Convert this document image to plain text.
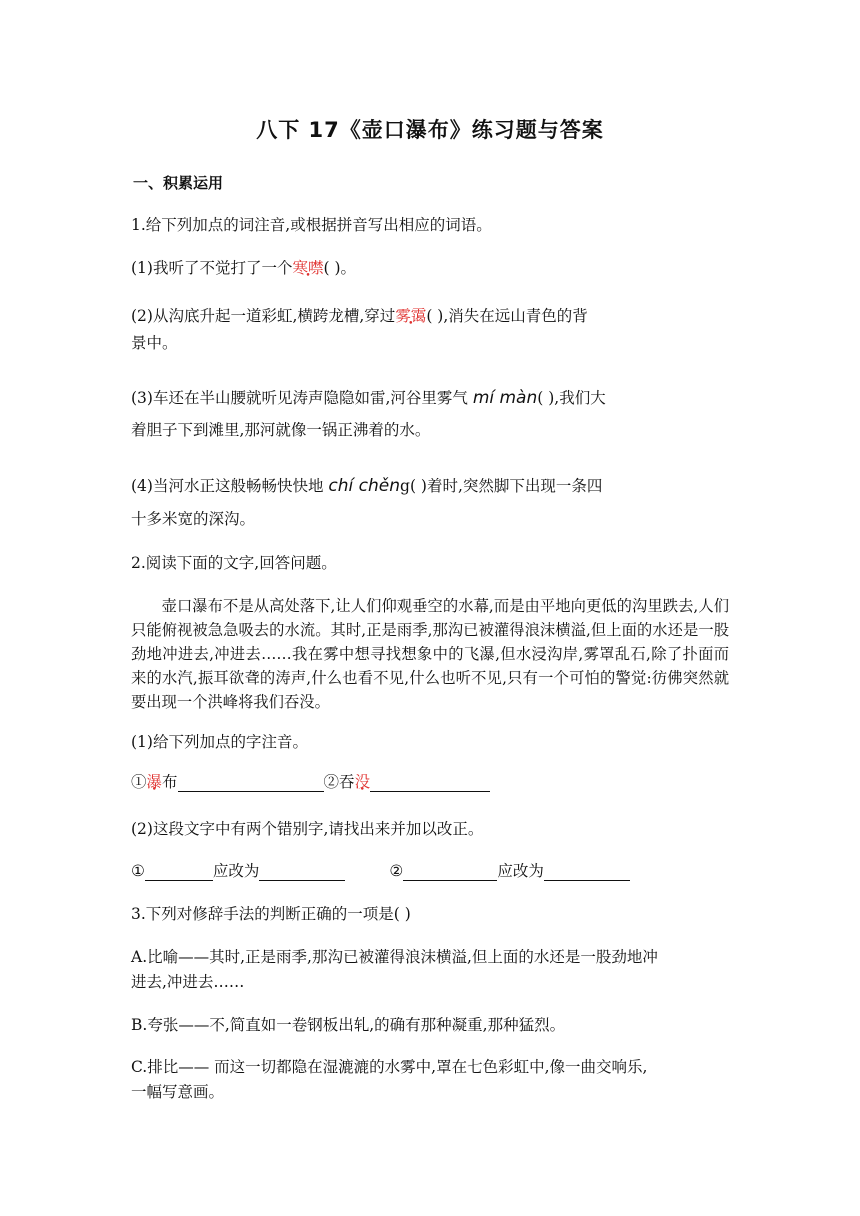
八下 17《壶口瀑布》练习题与答案
一、积累运用
1.给下列加点的词注音,或根据拼音写出相应的词语。
(1)我听了不觉打了一个寒噤( )。
(2)从沟底升起一道彩虹,横跨龙槽,穿过雾霭( ),消失在远山青色的背
景中。
(3)车还在半山腰就听见涛声隐隐如雷,河谷里雾气 mí màn( ),我们大
着胆子下到滩里,那河就像一锅正沸着的水。
(4)当河水正这般畅畅快快地 chí chěng( )着时,突然脚下出现一条四
十多米宽的深沟。
2.阅读下面的文字,回答问题。
壶口瀑布不是从高处落下,让人们仰观垂空的水幕,而是由平地向更低的沟里跌去,人们只能俯视被急急吸去的水流。其时,正是雨季,那沟已被灌得浪沫横溢,但上面的水还是一股劲地冲进去,冲进去……我在雾中想寻找想象中的飞瀑,但水浸沟岸,雾罩乱石,除了扑面而来的水汽,振耳欲聋的涛声,什么也看不见,什么也听不见,只有一个可怕的警觉:彷佛突然就要出现一个洪峰将我们吞没。
(1)给下列加点的字注音。
①瀑布	②吞没
(2)这段文字中有两个错别字,请找出来并加以改正。
①	应改为	②	应改为
3.下列对修辞手法的判断正确的一项是( )
A.比喻——其时,正是雨季,那沟已被灌得浪沫横溢,但上面的水还是一股劲地冲
进去,冲进去……
B.夸张——不,简直如一卷钢板出轧,的确有那种凝重,那种猛烈。
C.排比—— 而这一切都隐在湿漉漉的水雾中,罩在七色彩虹中,像一曲交响乐,
一幅写意画。
